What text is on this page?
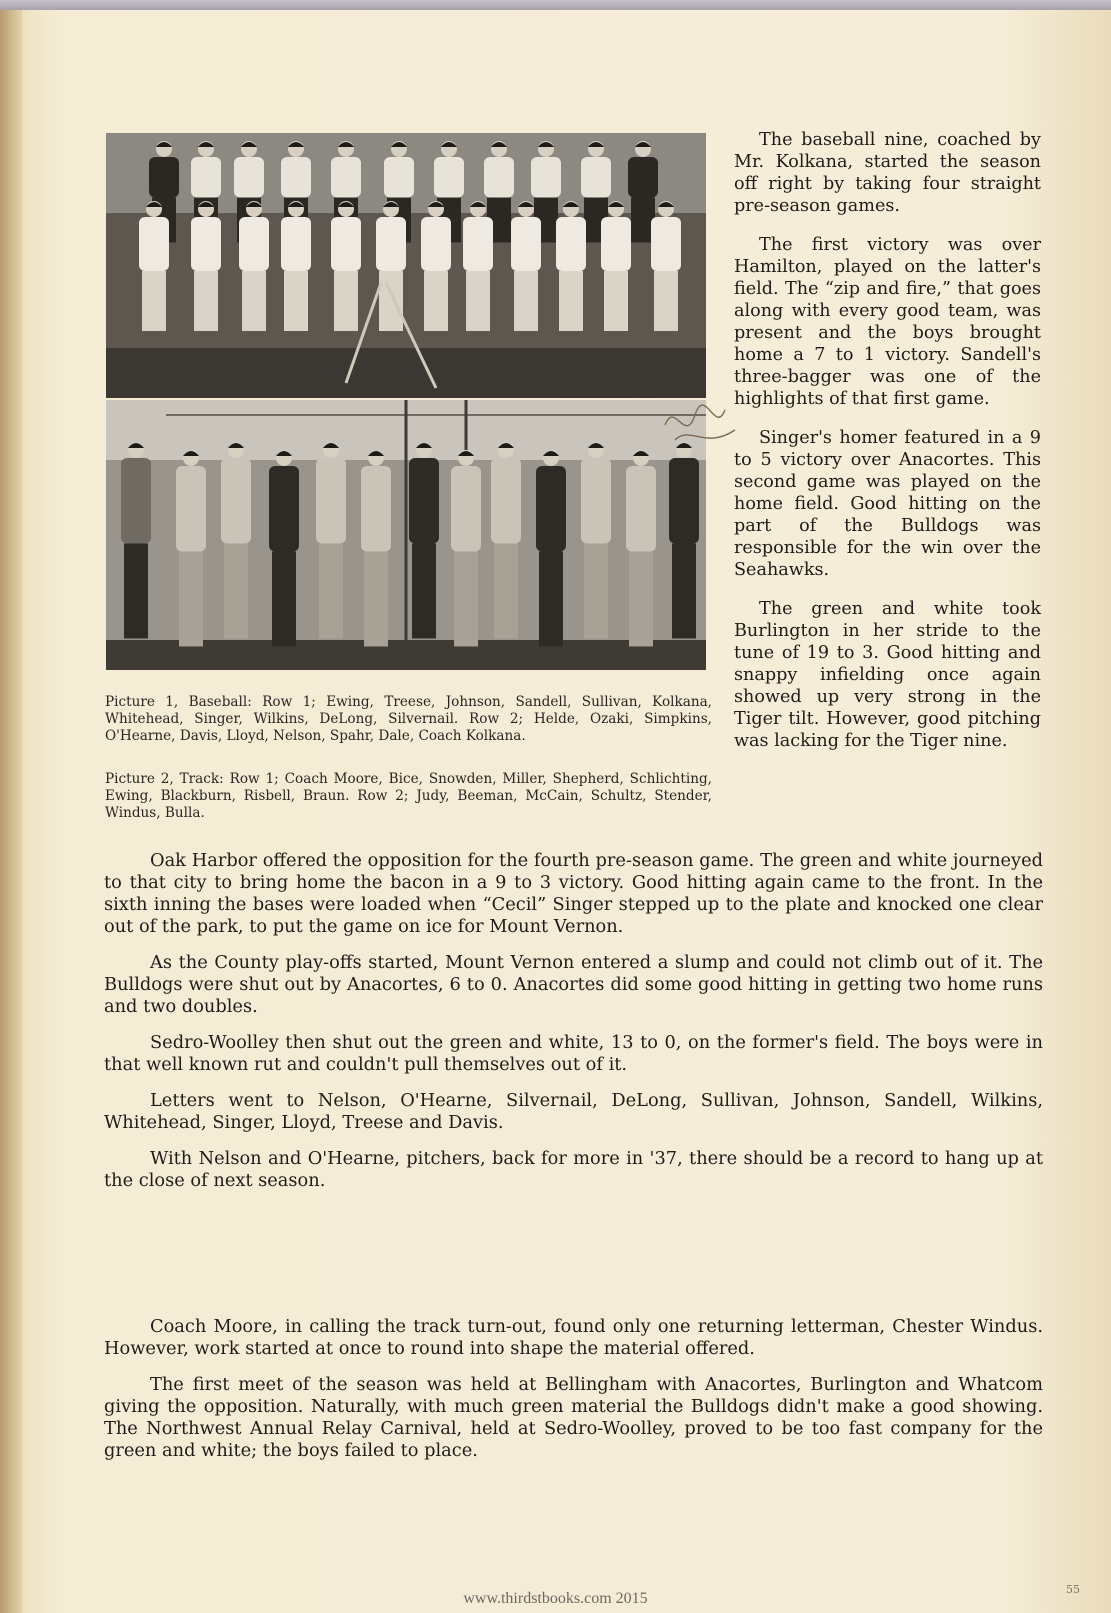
Picture 1, Baseball: Row 1; Ewing, Treese, Johnson, Sandell, Sullivan, Kolkana, Whitehead, Singer, Wilkins, DeLong, Silvernail. Row 2; Helde, Ozaki, Simpkins, O'Hearne, Davis, Lloyd, Nelson, Spahr, Dale, Coach Kolkana.

Picture 2, Track: Row 1; Coach Moore, Bice, Snowden, Miller, Shepherd, Schlichting, Ewing, Blackburn, Risbell, Braun. Row 2; Judy, Beeman, McCain, Schultz, Stender, Windus, Bulla.

The baseball nine, coached by Mr. Kolkana, started the season off right by taking four straight pre-season games.

The first victory was over Hamilton, played on the latter's field. The “zip and fire,” that goes along with every good team, was present and the boys brought home a 7 to 1 victory. Sandell's three-bagger was one of the highlights of that first game.

Singer's homer featured in a 9 to 5 victory over Anacortes. This second game was played on the home field. Good hitting on the part of the Bulldogs was responsible for the win over the Seahawks.

The green and white took Burlington in her stride to the tune of 19 to 3. Good hitting and snappy infielding once again showed up very strong in the Tiger tilt. However, good pitching was lacking for the Tiger nine.

Oak Harbor offered the opposition for the fourth pre-season game. The green and white journeyed to that city to bring home the bacon in a 9 to 3 victory. Good hitting again came to the front. In the sixth inning the bases were loaded when “Cecil” Singer stepped up to the plate and knocked one clear out of the park, to put the game on ice for Mount Vernon.

As the County play-offs started, Mount Vernon entered a slump and could not climb out of it. The Bulldogs were shut out by Anacortes, 6 to 0. Anacortes did some good hitting in getting two home runs and two doubles.

Sedro-Woolley then shut out the green and white, 13 to 0, on the former's field. The boys were in that well known rut and couldn't pull themselves out of it.

Letters went to Nelson, O'Hearne, Silvernail, DeLong, Sullivan, Johnson, Sandell, Wilkins, Whitehead, Singer, Lloyd, Treese and Davis.

With Nelson and O'Hearne, pitchers, back for more in '37, there should be a record to hang up at the close of next season.

Coach Moore, in calling the track turn-out, found only one returning letterman, Chester Windus. However, work started at once to round into shape the material offered.

The first meet of the season was held at Bellingham with Anacortes, Burlington and Whatcom giving the opposition. Naturally, with much green material the Bulldogs didn't make a good showing. The Northwest Annual Relay Carnival, held at Sedro-Woolley, proved to be too fast company for the green and white; the boys failed to place.

www.thirdstbooks.com 2015
55
